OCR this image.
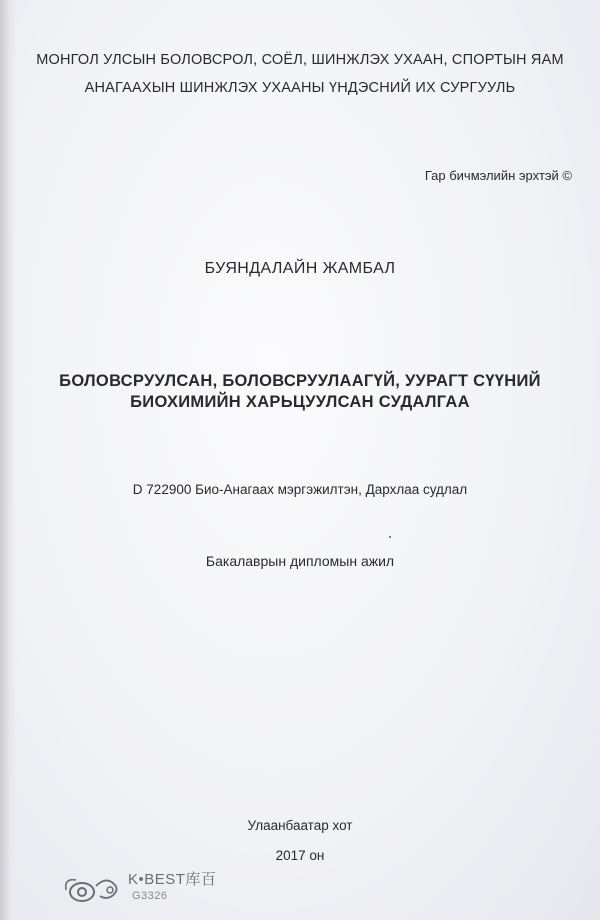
МОНГОЛ УЛСЫН БОЛОВСРОЛ, СОЁЛ, ШИНЖЛЭХ УХААН, СПОРТЫН ЯАМ
АНАГААХЫН ШИНЖЛЭХ УХААНЫ ҮНДЭСНИЙ ИХ СУРГУУЛЬ
Гар бичмэлийн эрхтэй ©
БУЯНДАЛАЙН ЖАМБАЛ
БОЛОВСРУУЛСАН, БОЛОВСРУУЛААГҮЙ, УУРАГТ СҮҮНИЙ
БИОХИМИЙН ХАРЬЦУУЛСАН СУДАЛГАА
D 722900 Био-Анагаах мэргэжилтэн, Дархлаа судлал
Бакалаврын дипломын ажил
Улаанбаатар хот
2017 он
K•BEST库百
G3326
